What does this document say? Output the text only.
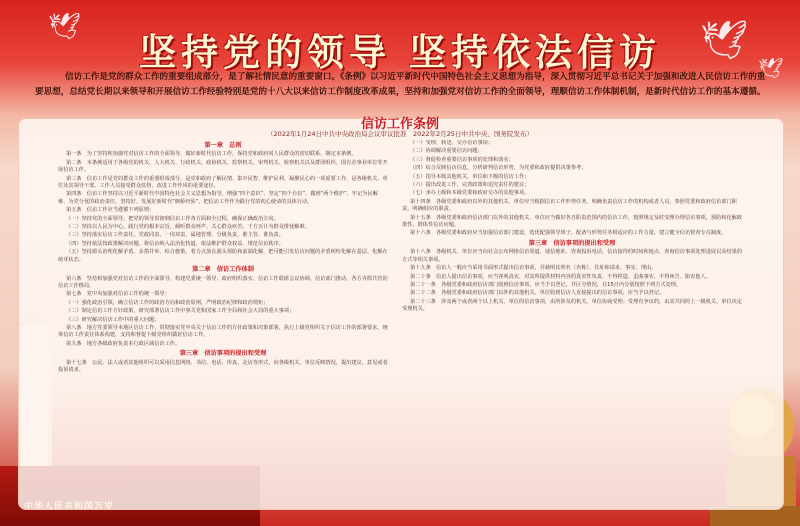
🕊	🕊
🕊
坚持党的领导 坚持依法信访
信访工作是党的群众工作的重要组成部分，是了解社情民意的重要窗口。《条例》以习近平新时代中国特色社会主义思想为指导，深入贯彻习近平总书记关于加强和改进人民信访工作的重要思想，总结党长期以来领导和开展信访工作经验特别是党的十八大以来信访工作制度改革成果，坚持和加强党对信访工作的全面领导，理顺信访工作体制机制，是新时代信访工作的基本遵循。
信访工作条例
（2022年1月24日中共中央政治局会议审议批准　2022年2月25日中共中央、国务院发布）
第一章　总则
第一条　为了坚持和加强党对信访工作的全面领导，做好新时代信访工作，保持党和政府同人民群众的密切联系，制定本条例。
第二条　本条例适用于各级党的机关、人大机关、行政机关、政协机关、监察机关、审判机关、检察机关以及群团组织、国有企事业单位等开展信访工作。
第三条　信访工作是党的群众工作的重要组成部分，是党和政府了解民情、集中民智、维护民利、凝聚民心的一项重要工作，是各级机关、单位及其领导干部、工作人员接受群众监督、改进工作作风的重要途径。
第四条　信访工作坚持以习近平新时代中国特色社会主义思想为指导，增强“四个意识”、坚定“四个自信”、做到“两个维护”，牢记为民解难、为党分忧的政治责任，坚持好、发展好新时代“枫桥经验”，把信访工作作为践行党的初心使命的具体行动。
第五条　信访工作应当遵循下列原则：
（一）坚持党的全面领导。把党的领导贯彻到信访工作各方面和全过程，确保正确政治方向。
（二）坚持以人民为中心。践行党的根本宗旨，倾听群众呼声，关心群众疾苦，千方百计为群众排忧解难。
（三）坚持落实信访工作责任。党政同责、一岗双责，属地管理、分级负责，谁主管、谁负责。
（四）坚持依法按政策解决问题。将信访纳入法治化轨道，依法维护群众权益、规范信访秩序。
（五）坚持源头治理化解矛盾。多措并举、综合施策，着力点放在源头预防和前端化解，把可能引发信访问题的矛盾纠纷化解在基层、化解在萌芽状态。
第二章　信访工作体制
第六条　坚持和加强党对信访工作的全面领导，构建党委统一领导、政府组织落实、信访工作联席会议协调、信访部门推动、各方齐抓共管的信访工作格局。
第七条　党中央加强对信访工作的统一领导：
（一）强化政治引领，确立信访工作的政治方向和政治原则，严明政治纪律和政治规矩；
（二）制定信访工作方针政策，研究部署信访工作中事关党和国家工作全局和社会大局的重大事项；
（三）研究解决信访工作中的重大问题；
第八条　地方党委领导本地区信访工作，贯彻落实党中央关于信访工作的方针政策和决策部署，执行上级党组织关于信访工作的部署要求，统筹信访工作责任体系构建，支持和督促下级党组织做好信访工作。
第九条　地方各级政府负责本行政区域信访工作。
第三章　信访事项的提出和受理
第十七条　公民、法人或者其他组织可以采用信息网络、书信、电话、传真、走访等形式，向各级机关、单位反映情况，提出建议、意见或者投诉请求。
（一）受理、转送、交办信访事项；
（二）协调解决重要信访问题；
（三）督促检查重要信访事项的处理和落实；
（四）综合反映信访信息，分析研判信访形势，为党委和政府提供决策参考；
（五）指导本级其他机关、单位和下级的信访工作；
（六）提出改进工作、完善政策和追究责任的建议；
（七）承办上级和本级党委和政府交办的其他事项。
第十四条　各级党委和政府以外的其他机关、单位应当根据信访工作形势任务，明确负责信访工作的机构或者人员，参照党委和政府信访部门职责，明确相应的职责。
第十五条　各级党委和政府信访部门以外的其他机关、单位应当做好各自职责范围内的信访工作，按照规定及时受理办理信访事项，预防和化解政策性、群体性信访问题。
第十六条　各级党委和政府应当加强信访部门建设，选优配强领导班子，配备与形势任务相适应的工作力量，建立健全信访督查专员制度。
第三章　信访事项的提出和受理
第十八条　各级机关、单位应当向社会公布网络信访渠道、通信地址、咨询投诉电话、信访接待的时间和地点、查询信访事项处理进展以及结果的方式等相关事项。
第十九条　信访人一般应当采用书面形式提出信访事项，并载明其姓名（名称）、住址和请求、事实、理由。
第二十条　信访人提出信访事项，应当客观真实，对其所提供材料内容的真实性负责，不得捏造、歪曲事实，不得诬告、陷害他人。
第二十一条　各级党委和政府信访部门收到信访事项，应当予以登记，并区分情况，在15日内分别按照下列方式处理。
第二十二条　各级党委和政府信访部门以外的其他机关、单位收到信访人直接提出的信访事项，应当予以登记。
第二十三条　涉及两个或者两个以上机关、单位的信访事项，由所涉及的机关、单位协商受理；受理有争议的，由其共同的上一级机关、单位决定受理机关。
